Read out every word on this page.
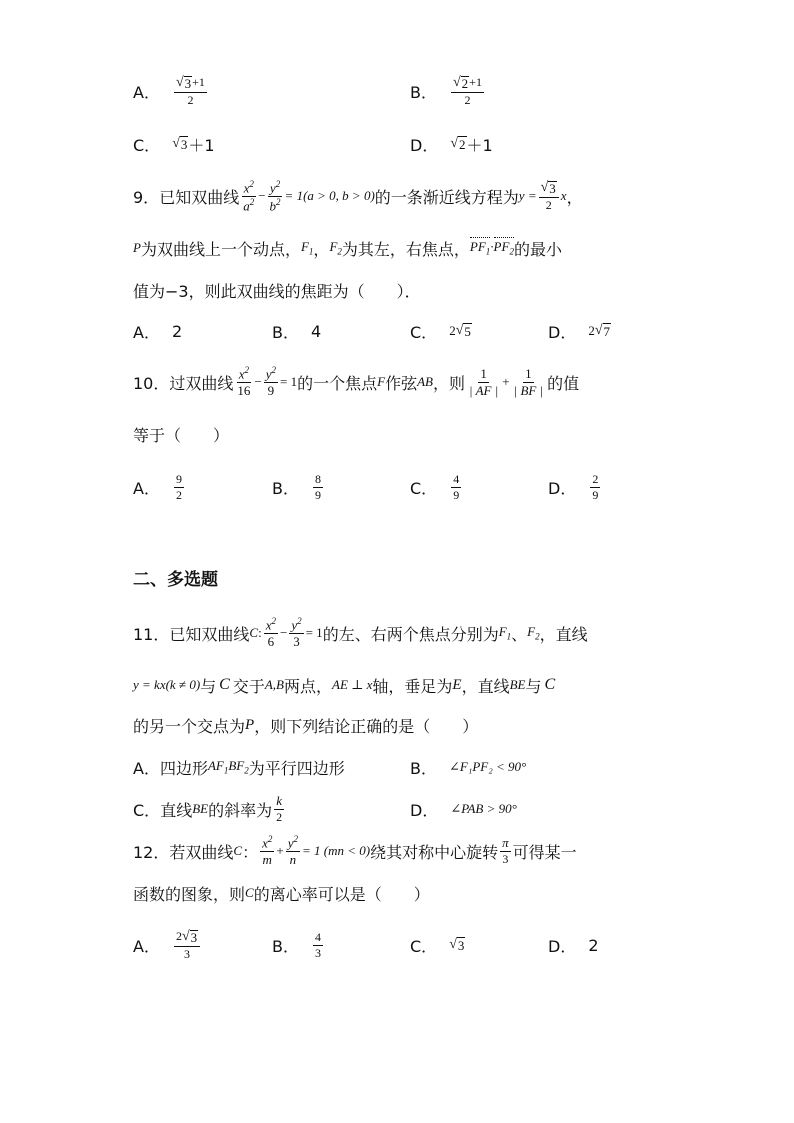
A． $\frac{√ 3 +1}{2}$	B． $\frac{√ 2 +1}{2}$
C． √ 3 ＋1	D． √ 2 ＋1
9． 已知双曲线 $\frac{x^2}{a^2} - \frac{y^2}{b^2} = 1(a > 0$, b > 0) 的一条渐近线方程为 $y = \frac{√ 3}{2}$ x ，
P 为双曲线上一个动点， $F_1$ ， $F_2$ 为其左，右焦点， $PF_1\cdot PF_2$ 的最小
值为−3，则此双曲线的焦距为（　　）．
A． 2	B． 4	C． 2 √ 5	D． 2 √ 7
10． 过双曲线 $\frac{x^2}{16} - \frac{y^2}{9} = 1$ 的一个焦点 F 作弦 AB ，则 $\frac{1}{| AF |} + \frac{1}{| BF |}$ 的值
等于（　　）
A． $\frac{9}{2}$	B． $\frac{8}{9}$	C． $\frac{4}{9}$	D． $\frac{2}{9}$
二、多选题
11． 已知双曲线 C : $\frac{x^2}{6} - \frac{y^2}{3} = 1$ 的左、右两个焦点分别为 $F_1$ 、 $F_2$ ，直线
y = kx(k ≠ 0) 与 C 交于 A,B 两点， AE ⊥ x 轴，垂足为 E ，直线 BE 与 C
的另一个交点为 P ，则下列结论正确的是（　　）
A． 四边形 $AF_1BF_2$ 为平行四边形	B． ∠F₁PF₂ < 90°
C． 直线 BE 的斜率为 $\frac{k}{2}$	D． ∠PAB > 90°
12． 若双曲线 C ： $\frac{x^2}{m} + \frac{y^2}{n} = 1$ (mn < 0) 绕其对称中心旋转 $\frac{\pi}{3}$ 可得某一
函数的图象，则 C 的离心率可以是（　　）
A． $\frac{2 √ 3}{3}$	B． $\frac{4}{3}$	C． √ 3	D． 2
